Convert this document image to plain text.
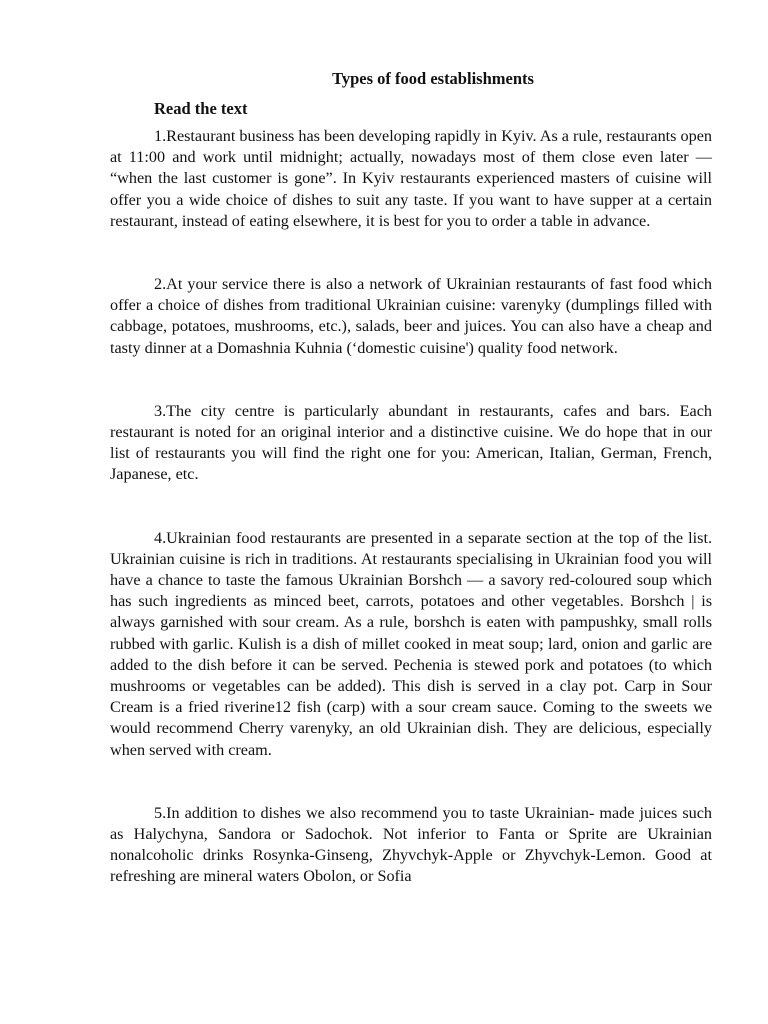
Types of food establishments
Read the text

1.Restaurant business has been developing rapidly in Kyiv. As a rule, restaurants open at 11:00 and work until midnight; actually, nowadays most of them close even later — “when the last customer is gone”. In Kyiv restaurants experienced masters of cuisine will offer you a wide choice of dishes to suit any taste. If you want to have supper at a certain restaurant, instead of eating elsewhere, it is best for you to order a table in advance.

2.At your service there is also a network of Ukrainian restaurants of fast food which offer a choice of dishes from traditional Ukrainian cuisine: varenyky (dumplings filled with cabbage, potatoes, mushrooms, etc.), salads, beer and juices. You can also have a cheap and tasty dinner at a Domashnia Kuhnia (‘domestic cuisine') quality food network.

3.The city centre is particularly abundant in restaurants, cafes and bars. Each restaurant is noted for an original interior and a distinctive cuisine. We do hope that in our list of restaurants you will find the right one for you: American, Italian, German, French, Japanese, etc.

4.Ukrainian food restaurants are presented in a separate section at the top of the list. Ukrainian cuisine is rich in traditions. At restaurants specialising in Ukrainian food you will have a chance to taste the famous Ukrainian Borshch — a savory red-coloured soup which has such ingredients as minced beet, carrots, potatoes and other vegetables. Borshch | is always garnished with sour cream. As a rule, borshch is eaten with pampushky, small rolls rubbed with garlic. Kulish is a dish of millet cooked in meat soup; lard, onion and garlic are added to the dish before it can be served. Pechenia is stewed pork and potatoes (to which mushrooms or vegetables can be added). This dish is served in a clay pot. Carp in Sour Cream is a fried riverine12 fish (carp) with a sour cream sauce. Coming to the sweets we would recommend Cherry varenyky, an old Ukrainian dish. They are delicious, especially when served with cream.

5.In addition to dishes we also recommend you to taste Ukrainian- made juices such as Halychyna, Sandora or Sadochok. Not inferior to Fanta or Sprite are Ukrainian nonalcoholic drinks Rosynka-Ginseng, Zhyvchyk-Apple or Zhyvchyk-Lemon. Good at refreshing are mineral waters Obolon, or Sofia
